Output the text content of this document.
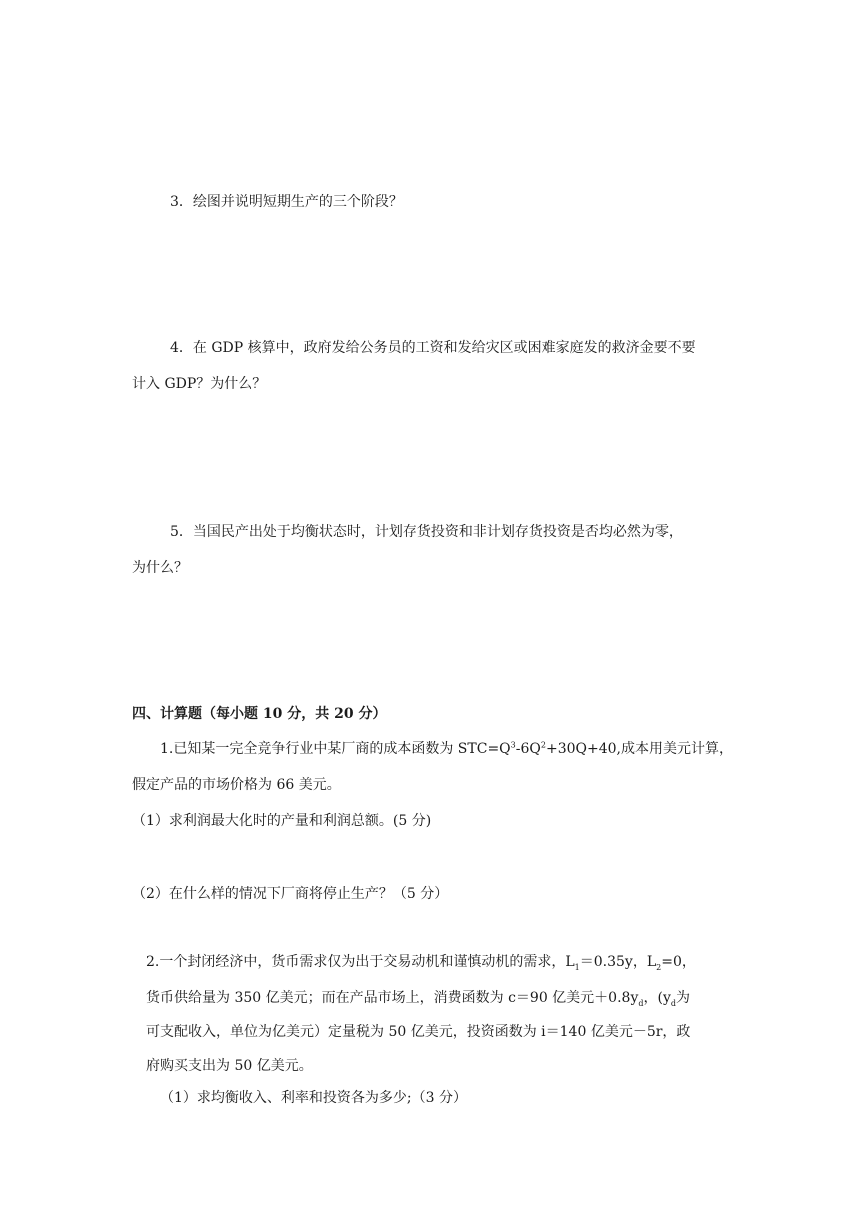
3．绘图并说明短期生产的三个阶段？

4．在 GDP 核算中，政府发给公务员的工资和发给灾区或困难家庭发的救济金要不要

计入 GDP？为什么？

5．当国民产出处于均衡状态时，计划存货投资和非计划存货投资是否均必然为零，

为什么？

四、计算题（每小题 10 分，共 20 分）

1.已知某一完全竞争行业中某厂商的成本函数为 $STC=Q^3-6Q^2+30Q+40$,成本用美元计算，

假定产品的市场价格为 66 美元。

（1）求利润最大化时的产量和利润总额。(5 分)

（2）在什么样的情况下厂商将停止生产？（5 分）

2.一个封闭经济中，货币需求仅为出于交易动机和谨慎动机的需求，$L_1=0.35y$，$L_2=0$，

货币供给量为 350 亿美元；而在产品市场上，消费函数为 c＝90 亿美元$+0.8y_d$，($y_d$为

可支配收入，单位为亿美元）定量税为 50 亿美元，投资函数为 i＝140 亿美元－5r，政

府购买支出为 50 亿美元。

（1）求均衡收入、利率和投资各为多少;（3 分）
